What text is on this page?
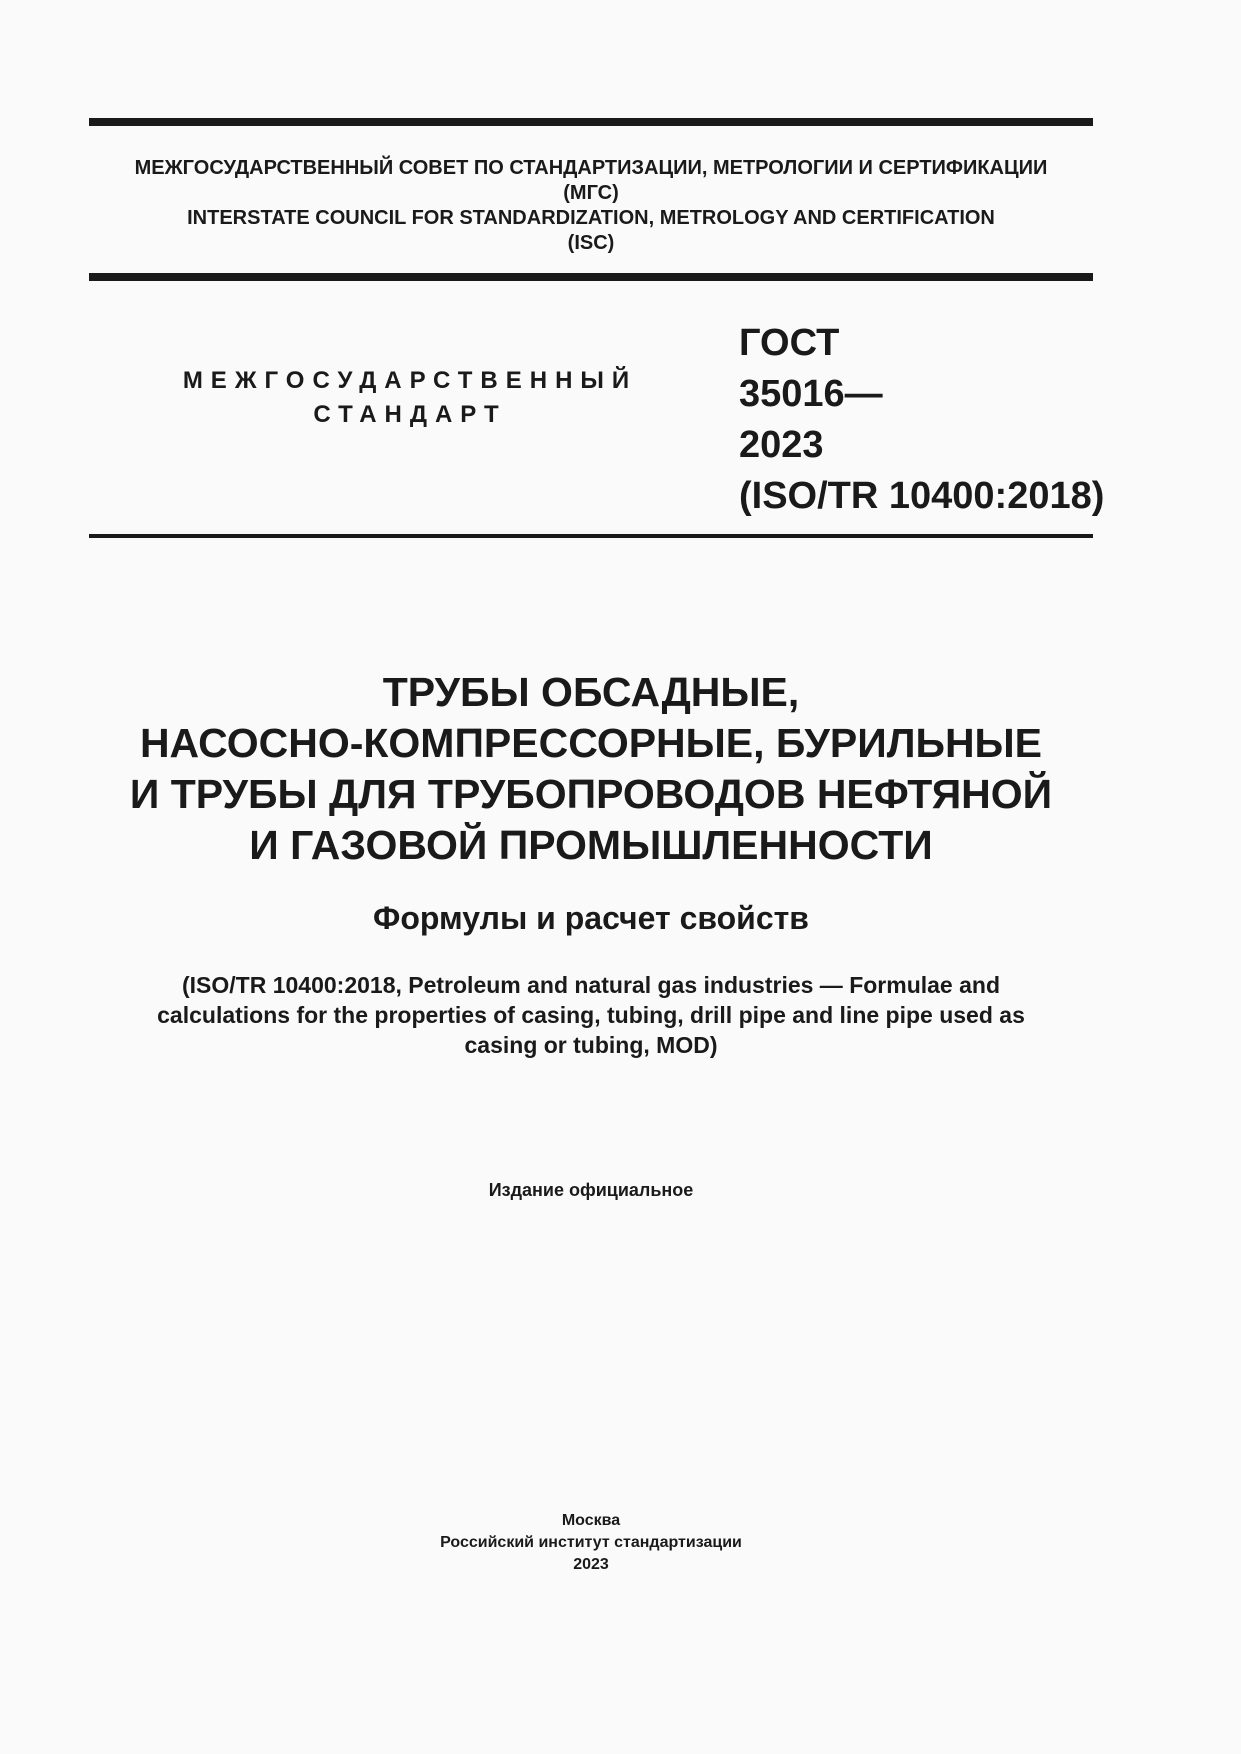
МЕЖГОСУДАРСТВЕННЫЙ СОВЕТ ПО СТАНДАРТИЗАЦИИ, МЕТРОЛОГИИ И СЕРТИФИКАЦИИ
(МГС)
INTERSTATE COUNCIL FOR STANDARDIZATION, METROLOGY AND CERTIFICATION
(ISC)
МЕЖГОСУДАРСТВЕННЫЙ
СТАНДАРТ
ГОСТ
35016—
2023
(ISO/TR 10400:2018)
ТРУБЫ ОБСАДНЫЕ,
НАСОСНО-КОМПРЕССОРНЫЕ, БУРИЛЬНЫЕ
И ТРУБЫ ДЛЯ ТРУБОПРОВОДОВ НЕФТЯНОЙ
И ГАЗОВОЙ ПРОМЫШЛЕННОСТИ
Формулы и расчет свойств
(ISO/TR 10400:2018, Petroleum and natural gas industries — Formulae and
calculations for the properties of casing, tubing, drill pipe and line pipe used as
casing or tubing, MOD)
Издание официальное
Москва
Российский институт стандартизации
2023
